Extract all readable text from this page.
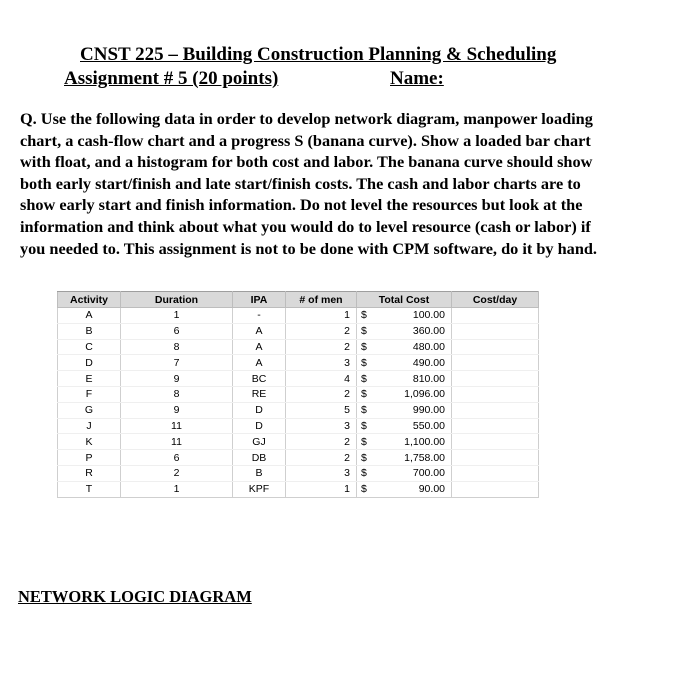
CNST 225 – Building Construction Planning & Scheduling
Assignment # 5 (20 points)	Name:
Q. Use the following data in order to develop network diagram, manpower loading
chart, a cash-flow chart and a progress S (banana curve). Show a loaded bar chart
with float, and a histogram for both cost and labor. The banana curve should show
both early start/finish and late start/finish costs. The cash and labor charts are to
show early start and finish information. Do not level the resources but look at the
information and think about what you would do to level resource (cash or labor) if
you needed to. This assignment is not to be done with CPM software, do it by hand.
Activity	Duration	IPA	# of men	Total Cost		Cost/day
A	1	-	1	$	100.00	
B	6	A	2	$	360.00	
C	8	A	2	$	480.00	
D	7	A	3	$	490.00	
E	9	BC	4	$	810.00	
F	8	RE	2	$	1,096.00	
G	9	D	5	$	990.00	
J	11	D	3	$	550.00	
K	11	GJ	2	$	1,100.00	
P	6	DB	2	$	1,758.00	
R	2	B	3	$	700.00	
T	1	KPF	1	$	90.00	
NETWORK LOGIC DIAGRAM
